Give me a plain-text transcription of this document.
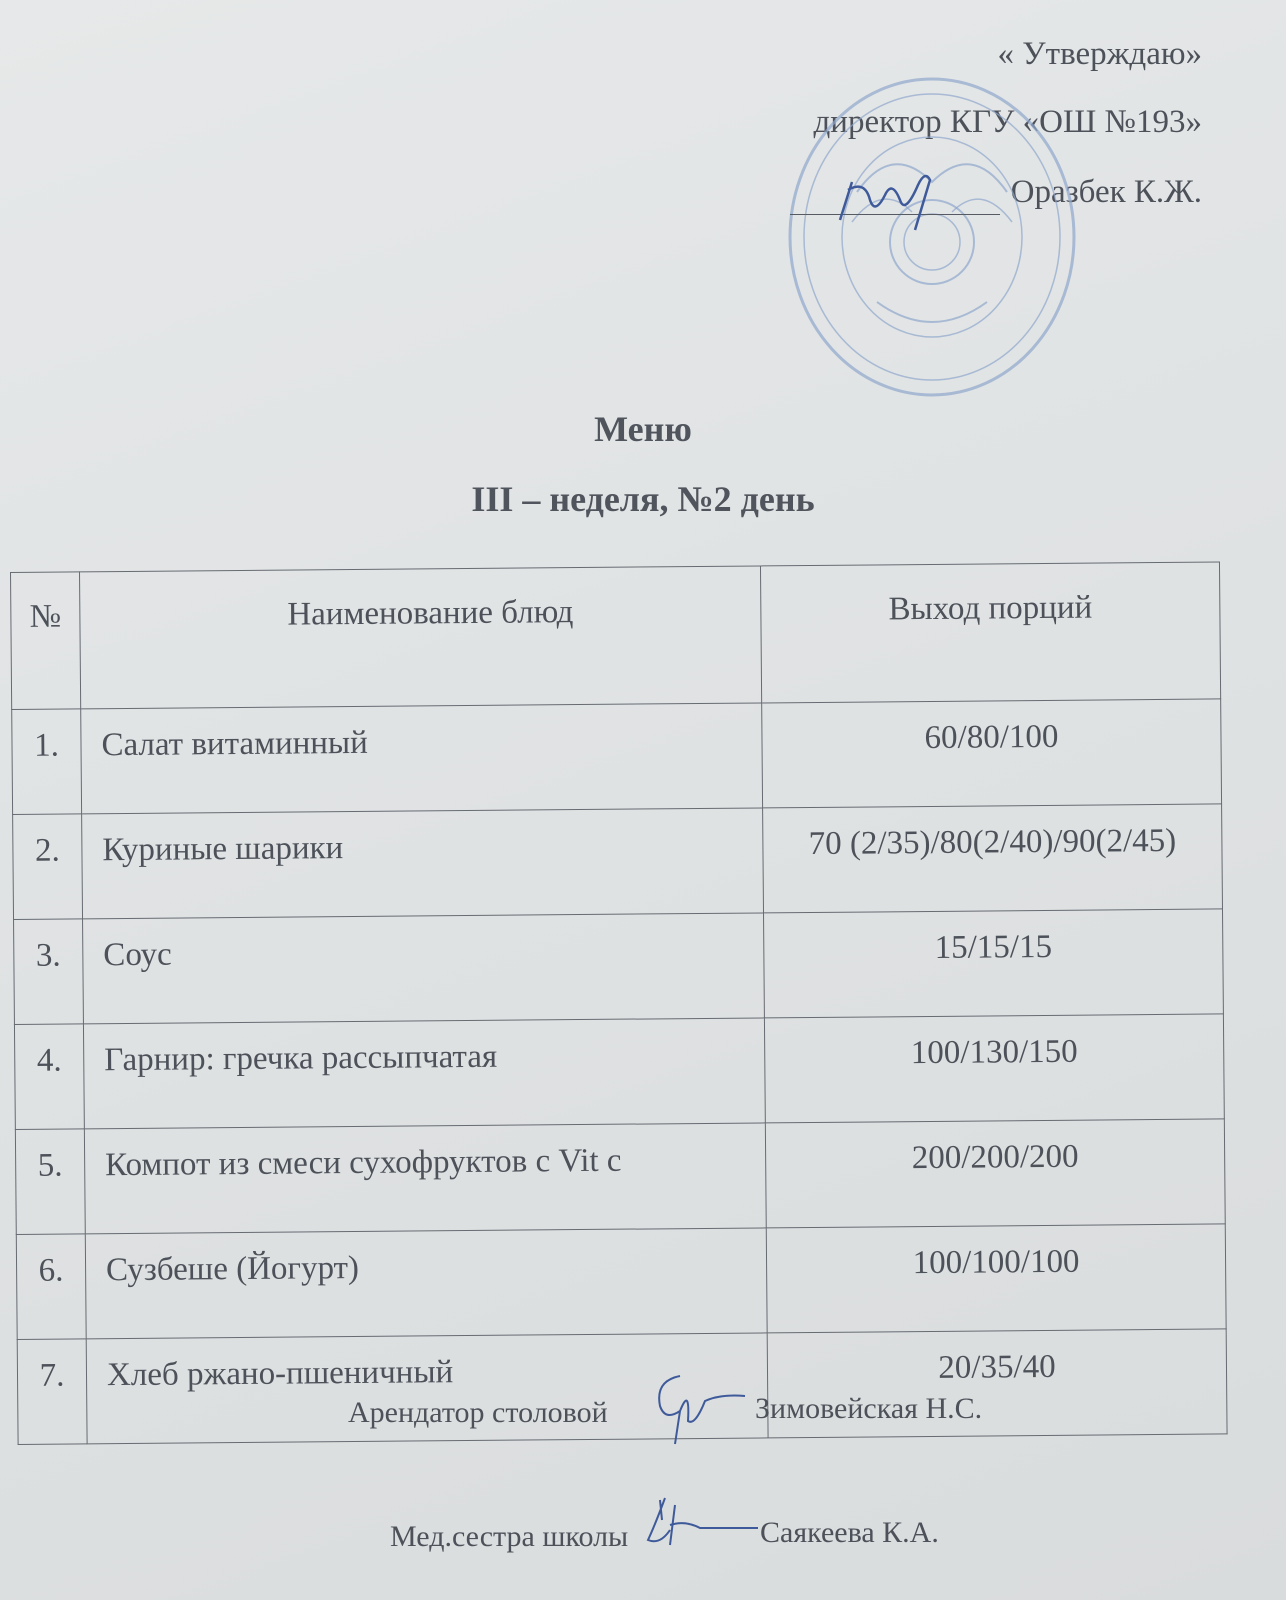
« Утверждаю»
директор КГУ «ОШ №193»
Оразбек К.Ж.
Меню
III – неделя, №2 день
№	Наименование блюд	Выход порций
1.	Салат витаминный	60/80/100
2.	Куриные шарики	70 (2/35)/80(2/40)/90(2/45)
3.	Соус	15/15/15
4.	Гарнир: гречка рассыпчатая	100/130/150
5.	Компот из смеси сухофруктов с Vit c	200/200/200
6.	Сузбеше (Йогурт)	100/100/100
7.	Хлеб ржано-пшеничный	20/35/40
Арендатор столовой	Зимовейская Н.С.
Мед.сестра школы	Саякеева К.А.
